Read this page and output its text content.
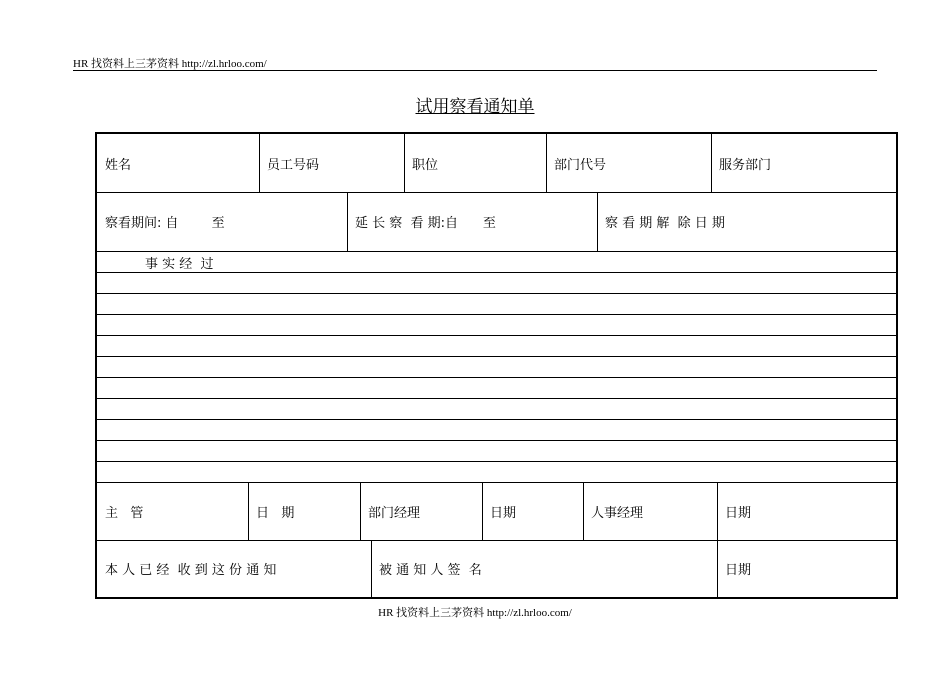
HR 找资料上三茅资料 http://zl.hrloo.com/
试用察看通知单
姓名	员工号码	职位	部门代号	服务部门
察看期间: 自        至	延 长 察  看 期:自      至	察 看 期 解  除 日 期
事 实 经  过
主   管	日   期	部门经理	日期	人事经理	日期
本 人 已 经  收 到 这 份 通 知	被 通 知 人 签  名	日期
HR 找资料上三茅资料 http://zl.hrloo.com/
